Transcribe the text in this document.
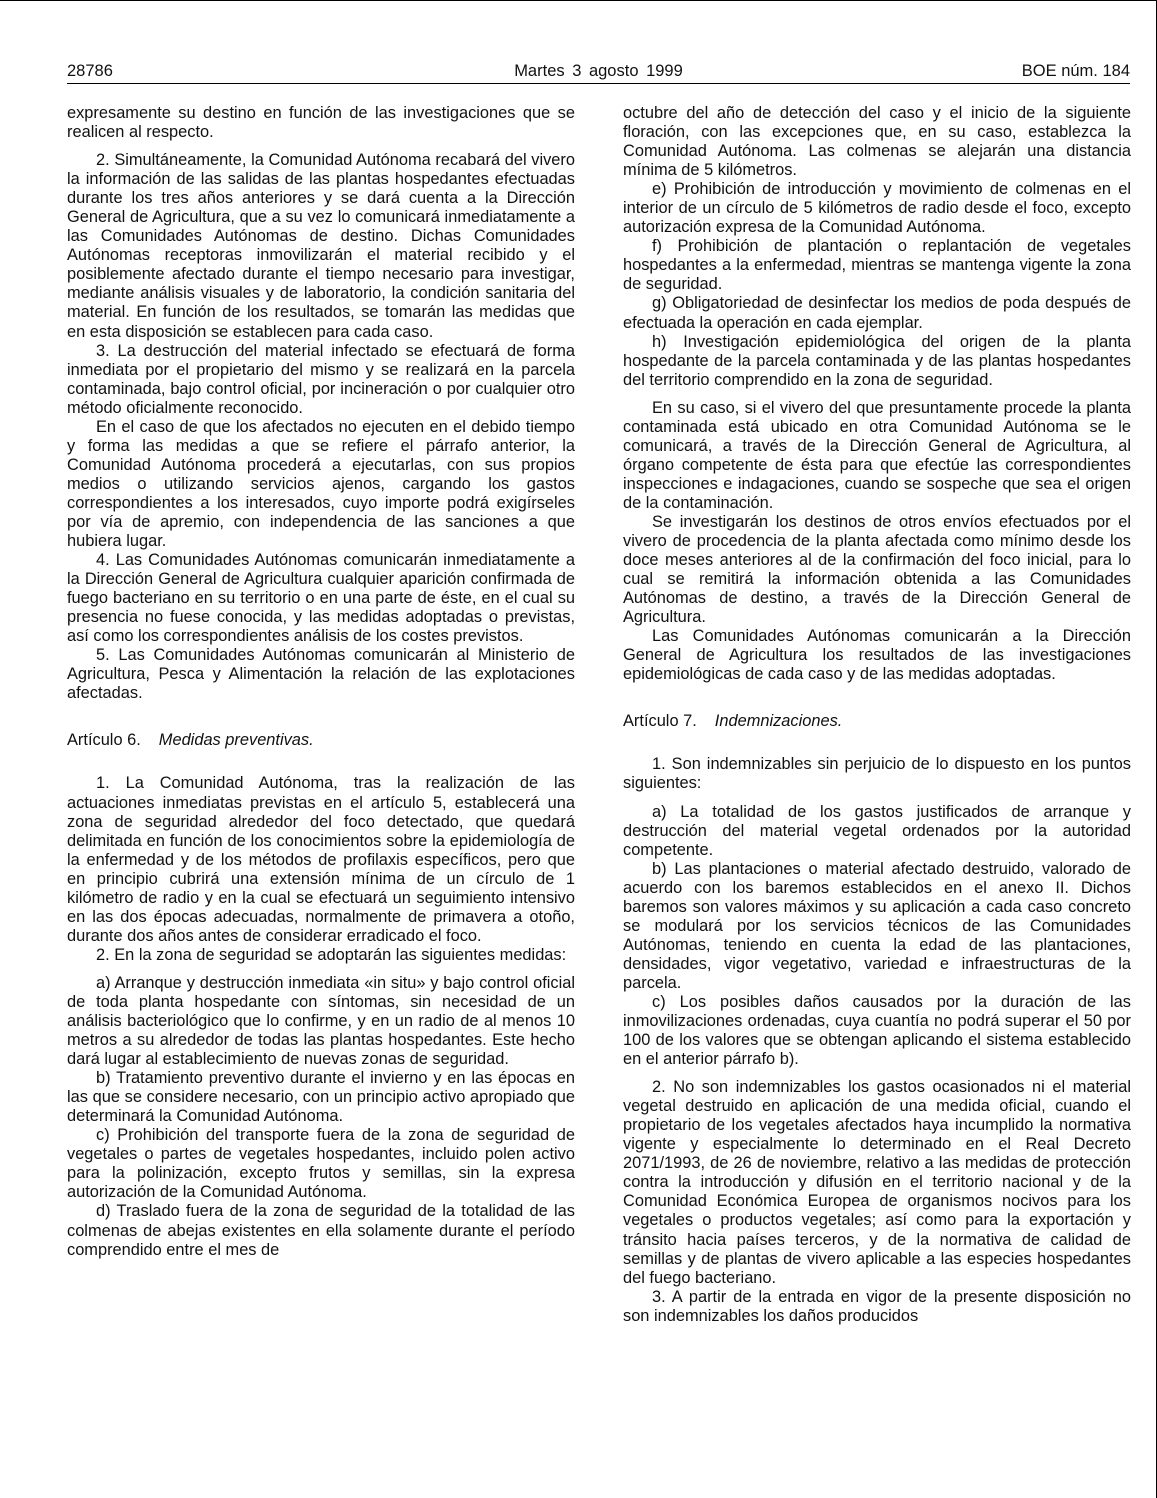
28786	Martes 3 agosto 1999	BOE núm. 184

expresamente su destino en función de las investigaciones que se realicen al respecto.

2. Simultáneamente, la Comunidad Autónoma recabará del vivero la información de las salidas de las plantas hospedantes efectuadas durante los tres años anteriores y se dará cuenta a la Dirección General de Agricultura, que a su vez lo comunicará inmediatamente a las Comunidades Autónomas de destino. Dichas Comunidades Autónomas receptoras inmovilizarán el material recibido y el posiblemente afectado durante el tiempo necesario para investigar, mediante análisis visuales y de laboratorio, la condición sanitaria del material. En función de los resultados, se tomarán las medidas que en esta disposición se establecen para cada caso.

3. La destrucción del material infectado se efectuará de forma inmediata por el propietario del mismo y se realizará en la parcela contaminada, bajo control oficial, por incineración o por cualquier otro método oficialmente reconocido.

En el caso de que los afectados no ejecuten en el debido tiempo y forma las medidas a que se refiere el párrafo anterior, la Comunidad Autónoma procederá a ejecutarlas, con sus propios medios o utilizando servicios ajenos, cargando los gastos correspondientes a los interesados, cuyo importe podrá exigírseles por vía de apremio, con independencia de las sanciones a que hubiera lugar.

4. Las Comunidades Autónomas comunicarán inmediatamente a la Dirección General de Agricultura cualquier aparición confirmada de fuego bacteriano en su territorio o en una parte de éste, en el cual su presencia no fuese conocida, y las medidas adoptadas o previstas, así como los correspondientes análisis de los costes previstos.

5. Las Comunidades Autónomas comunicarán al Ministerio de Agricultura, Pesca y Alimentación la relación de las explotaciones afectadas.

Artículo 6. Medidas preventivas.

1. La Comunidad Autónoma, tras la realización de las actuaciones inmediatas previstas en el artículo 5, establecerá una zona de seguridad alrededor del foco detectado, que quedará delimitada en función de los conocimientos sobre la epidemiología de la enfermedad y de los métodos de profilaxis específicos, pero que en principio cubrirá una extensión mínima de un círculo de 1 kilómetro de radio y en la cual se efectuará un seguimiento intensivo en las dos épocas adecuadas, normalmente de primavera a otoño, durante dos años antes de considerar erradicado el foco.

2. En la zona de seguridad se adoptarán las siguientes medidas:

a) Arranque y destrucción inmediata «in situ» y bajo control oficial de toda planta hospedante con síntomas, sin necesidad de un análisis bacteriológico que lo confirme, y en un radio de al menos 10 metros a su alrededor de todas las plantas hospedantes. Este hecho dará lugar al establecimiento de nuevas zonas de seguridad.

b) Tratamiento preventivo durante el invierno y en las épocas en las que se considere necesario, con un principio activo apropiado que determinará la Comunidad Autónoma.

c) Prohibición del transporte fuera de la zona de seguridad de vegetales o partes de vegetales hospedantes, incluido polen activo para la polinización, excepto frutos y semillas, sin la expresa autorización de la Comunidad Autónoma.

d) Traslado fuera de la zona de seguridad de la totalidad de las colmenas de abejas existentes en ella solamente durante el período comprendido entre el mes de

octubre del año de detección del caso y el inicio de la siguiente floración, con las excepciones que, en su caso, establezca la Comunidad Autónoma. Las colmenas se alejarán una distancia mínima de 5 kilómetros.

e) Prohibición de introducción y movimiento de colmenas en el interior de un círculo de 5 kilómetros de radio desde el foco, excepto autorización expresa de la Comunidad Autónoma.

f) Prohibición de plantación o replantación de vegetales hospedantes a la enfermedad, mientras se mantenga vigente la zona de seguridad.

g) Obligatoriedad de desinfectar los medios de poda después de efectuada la operación en cada ejemplar.

h) Investigación epidemiológica del origen de la planta hospedante de la parcela contaminada y de las plantas hospedantes del territorio comprendido en la zona de seguridad.

En su caso, si el vivero del que presuntamente procede la planta contaminada está ubicado en otra Comunidad Autónoma se le comunicará, a través de la Dirección General de Agricultura, al órgano competente de ésta para que efectúe las correspondientes inspecciones e indagaciones, cuando se sospeche que sea el origen de la contaminación.

Se investigarán los destinos de otros envíos efectuados por el vivero de procedencia de la planta afectada como mínimo desde los doce meses anteriores al de la confirmación del foco inicial, para lo cual se remitirá la información obtenida a las Comunidades Autónomas de destino, a través de la Dirección General de Agricultura.

Las Comunidades Autónomas comunicarán a la Dirección General de Agricultura los resultados de las investigaciones epidemiológicas de cada caso y de las medidas adoptadas.

Artículo 7. Indemnizaciones.

1. Son indemnizables sin perjuicio de lo dispuesto en los puntos siguientes:

a) La totalidad de los gastos justificados de arranque y destrucción del material vegetal ordenados por la autoridad competente.

b) Las plantaciones o material afectado destruido, valorado de acuerdo con los baremos establecidos en el anexo II. Dichos baremos son valores máximos y su aplicación a cada caso concreto se modulará por los servicios técnicos de las Comunidades Autónomas, teniendo en cuenta la edad de las plantaciones, densidades, vigor vegetativo, variedad e infraestructuras de la parcela.

c) Los posibles daños causados por la duración de las inmovilizaciones ordenadas, cuya cuantía no podrá superar el 50 por 100 de los valores que se obtengan aplicando el sistema establecido en el anterior párrafo b).

2. No son indemnizables los gastos ocasionados ni el material vegetal destruido en aplicación de una medida oficial, cuando el propietario de los vegetales afectados haya incumplido la normativa vigente y especialmente lo determinado en el Real Decreto 2071/1993, de 26 de noviembre, relativo a las medidas de protección contra la introducción y difusión en el territorio nacional y de la Comunidad Económica Europea de organismos nocivos para los vegetales o productos vegetales; así como para la exportación y tránsito hacia países terceros, y de la normativa de calidad de semillas y de plantas de vivero aplicable a las especies hospedantes del fuego bacteriano.

3. A partir de la entrada en vigor de la presente disposición no son indemnizables los daños producidos
